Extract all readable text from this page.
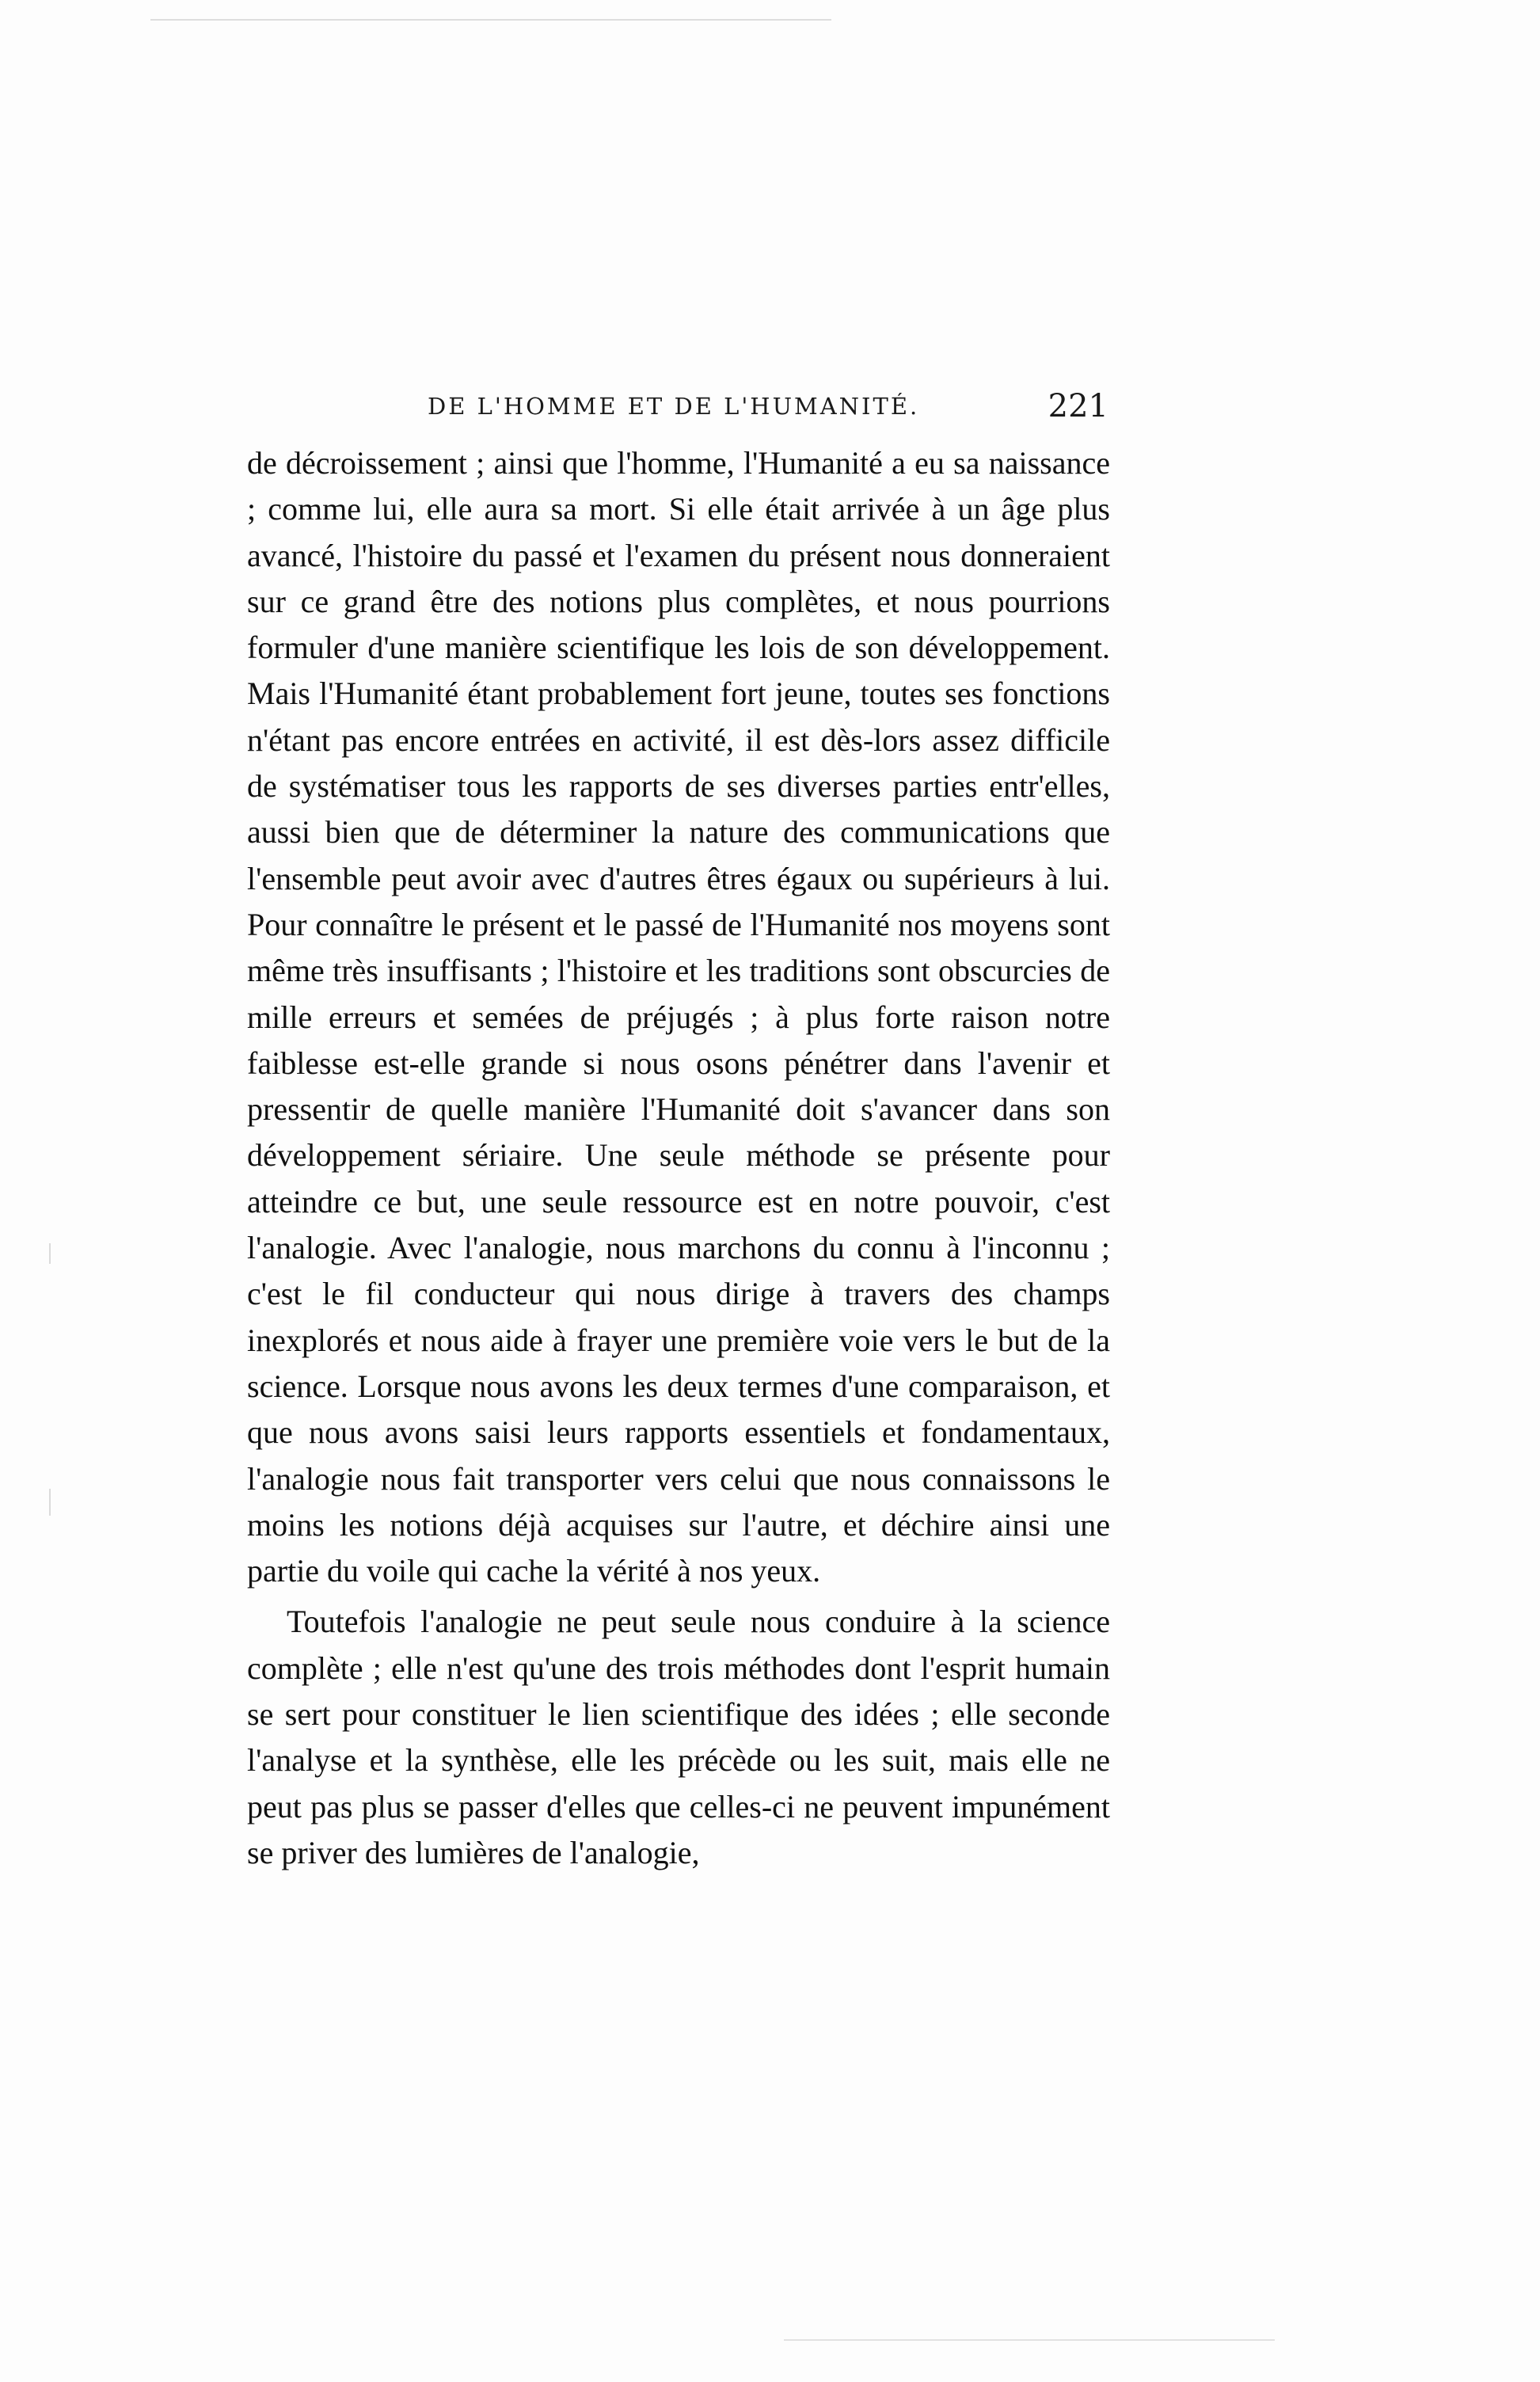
DE L'HOMME ET DE L'HUMANITÉ.	221

de décroissement ; ainsi que l'homme, l'Humanité a eu sa naissance ; comme lui, elle aura sa mort. Si elle était arrivée à un âge plus avancé, l'histoire du passé et l'examen du présent nous donneraient sur ce grand être des notions plus complètes, et nous pourrions formuler d'une manière scientifique les lois de son développement. Mais l'Humanité étant probablement fort jeune, toutes ses fonctions n'étant pas encore entrées en activité, il est dès-lors assez difficile de systématiser tous les rapports de ses diverses parties entr'elles, aussi bien que de déterminer la nature des communications que l'ensemble peut avoir avec d'autres êtres égaux ou supérieurs à lui. Pour connaître le présent et le passé de l'Humanité nos moyens sont même très insuffisants ; l'histoire et les traditions sont obscurcies de mille erreurs et semées de préjugés ; à plus forte raison notre faiblesse est-elle grande si nous osons pénétrer dans l'avenir et pressentir de quelle manière l'Humanité doit s'avancer dans son développement sériaire. Une seule méthode se présente pour atteindre ce but, une seule ressource est en notre pouvoir, c'est l'analogie. Avec l'analogie, nous marchons du connu à l'inconnu ; c'est le fil conducteur qui nous dirige à travers des champs inexplorés et nous aide à frayer une première voie vers le but de la science. Lorsque nous avons les deux termes d'une comparaison, et que nous avons saisi leurs rapports essentiels et fondamentaux, l'analogie nous fait transporter vers celui que nous connaissons le moins les notions déjà acquises sur l'autre, et déchire ainsi une partie du voile qui cache la vérité à nos yeux.

Toutefois l'analogie ne peut seule nous conduire à la science complète ; elle n'est qu'une des trois méthodes dont l'esprit humain se sert pour constituer le lien scientifique des idées ; elle seconde l'analyse et la synthèse, elle les précède ou les suit, mais elle ne peut pas plus se passer d'elles que celles-ci ne peuvent impunément se priver des lumières de l'analogie,
